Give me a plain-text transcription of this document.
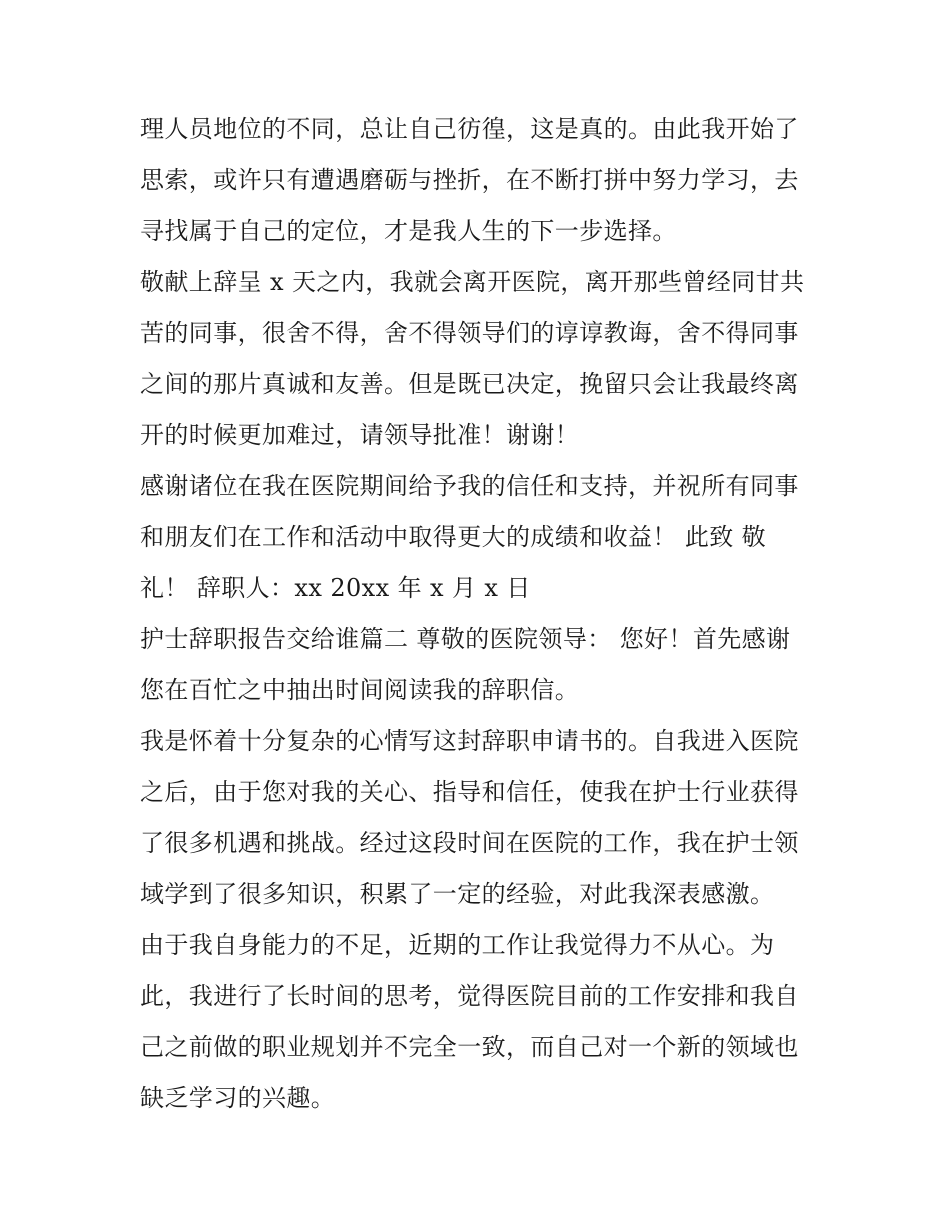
理人员地位的不同，总让自己彷徨，这是真的。由此我开始了
思索，或许只有遭遇磨砺与挫折，在不断打拼中努力学习，去
寻找属于自己的定位，才是我人生的下一步选择。
敬献上辞呈 x 天之内，我就会离开医院，离开那些曾经同甘共
苦的同事，很舍不得，舍不得领导们的谆谆教诲，舍不得同事
之间的那片真诚和友善。但是既已决定，挽留只会让我最终离
开的时候更加难过，请领导批准！谢谢！
感谢诸位在我在医院期间给予我的信任和支持，并祝所有同事
和朋友们在工作和活动中取得更大的成绩和收益！ 此致 敬
礼！ 辞职人：xx 20xx 年 x 月 x 日
护士辞职报告交给谁篇二 尊敬的医院领导： 您好！首先感谢
您在百忙之中抽出时间阅读我的辞职信。
我是怀着十分复杂的心情写这封辞职申请书的。自我进入医院
之后，由于您对我的关心、指导和信任，使我在护士行业获得
了很多机遇和挑战。经过这段时间在医院的工作，我在护士领
域学到了很多知识，积累了一定的经验，对此我深表感激。
由于我自身能力的不足，近期的工作让我觉得力不从心。为
此，我进行了长时间的思考，觉得医院目前的工作安排和我自
己之前做的职业规划并不完全一致，而自己对一个新的领域也
缺乏学习的兴趣。
